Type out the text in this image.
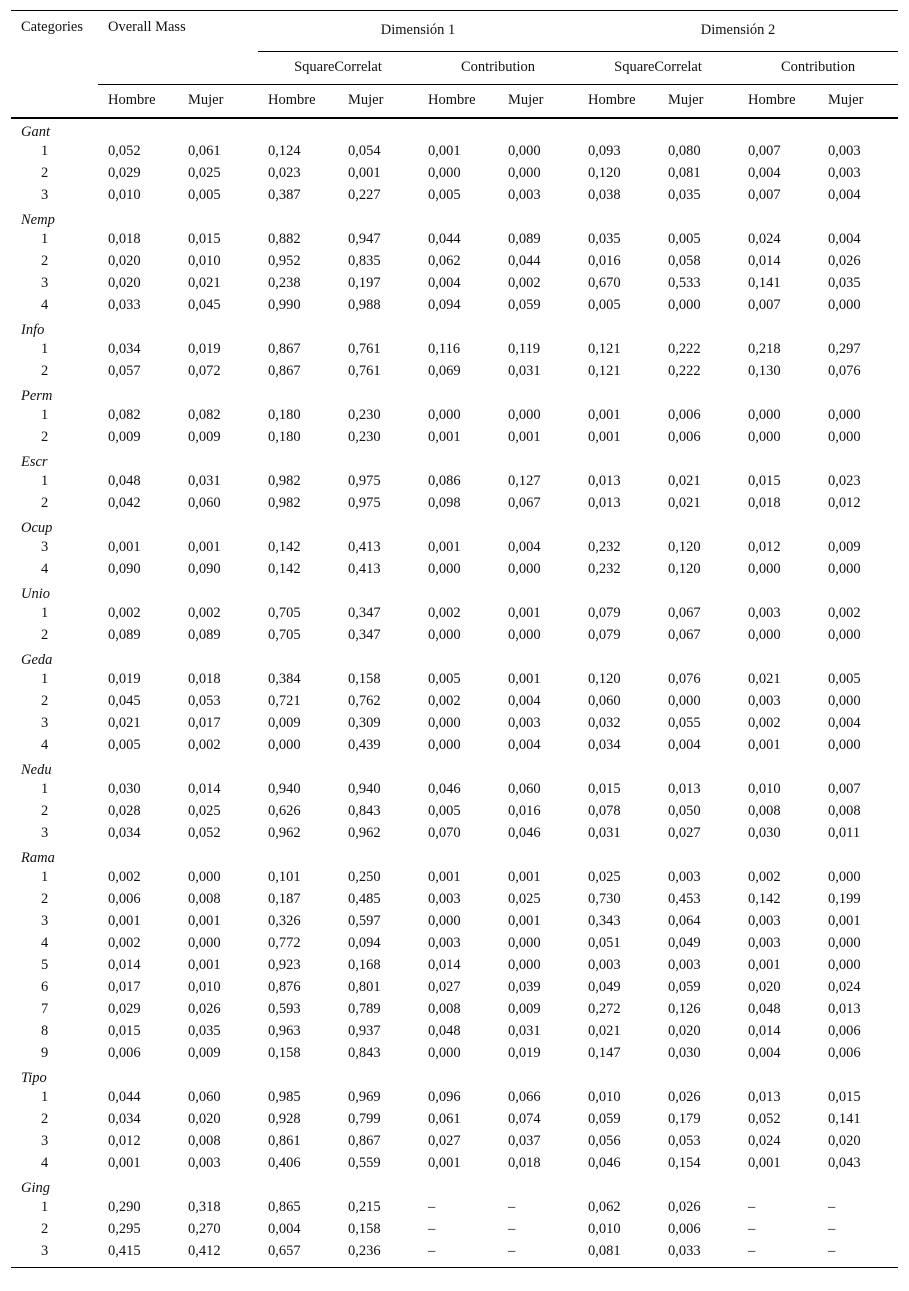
Categories	Overall Mass		Dimensión 1				Dimensión 2			
			SquareCorrelat		Contribution		SquareCorrelat		Contribution	
	Hombre	Mujer	Hombre	Mujer	Hombre	Mujer	Hombre	Mujer	Hombre	Mujer
Gant										
1	0,052	0,061	0,124	0,054	0,001	0,000	0,093	0,080	0,007	0,003
2	0,029	0,025	0,023	0,001	0,000	0,000	0,120	0,081	0,004	0,003
3	0,010	0,005	0,387	0,227	0,005	0,003	0,038	0,035	0,007	0,004
Nemp										
1	0,018	0,015	0,882	0,947	0,044	0,089	0,035	0,005	0,024	0,004
2	0,020	0,010	0,952	0,835	0,062	0,044	0,016	0,058	0,014	0,026
3	0,020	0,021	0,238	0,197	0,004	0,002	0,670	0,533	0,141	0,035
4	0,033	0,045	0,990	0,988	0,094	0,059	0,005	0,000	0,007	0,000
Info										
1	0,034	0,019	0,867	0,761	0,116	0,119	0,121	0,222	0,218	0,297
2	0,057	0,072	0,867	0,761	0,069	0,031	0,121	0,222	0,130	0,076
Perm										
1	0,082	0,082	0,180	0,230	0,000	0,000	0,001	0,006	0,000	0,000
2	0,009	0,009	0,180	0,230	0,001	0,001	0,001	0,006	0,000	0,000
Escr										
1	0,048	0,031	0,982	0,975	0,086	0,127	0,013	0,021	0,015	0,023
2	0,042	0,060	0,982	0,975	0,098	0,067	0,013	0,021	0,018	0,012
Ocup										
3	0,001	0,001	0,142	0,413	0,001	0,004	0,232	0,120	0,012	0,009
4	0,090	0,090	0,142	0,413	0,000	0,000	0,232	0,120	0,000	0,000
Unio										
1	0,002	0,002	0,705	0,347	0,002	0,001	0,079	0,067	0,003	0,002
2	0,089	0,089	0,705	0,347	0,000	0,000	0,079	0,067	0,000	0,000
Geda										
1	0,019	0,018	0,384	0,158	0,005	0,001	0,120	0,076	0,021	0,005
2	0,045	0,053	0,721	0,762	0,002	0,004	0,060	0,000	0,003	0,000
3	0,021	0,017	0,009	0,309	0,000	0,003	0,032	0,055	0,002	0,004
4	0,005	0,002	0,000	0,439	0,000	0,004	0,034	0,004	0,001	0,000
Nedu										
1	0,030	0,014	0,940	0,940	0,046	0,060	0,015	0,013	0,010	0,007
2	0,028	0,025	0,626	0,843	0,005	0,016	0,078	0,050	0,008	0,008
3	0,034	0,052	0,962	0,962	0,070	0,046	0,031	0,027	0,030	0,011
Rama										
1	0,002	0,000	0,101	0,250	0,001	0,001	0,025	0,003	0,002	0,000
2	0,006	0,008	0,187	0,485	0,003	0,025	0,730	0,453	0,142	0,199
3	0,001	0,001	0,326	0,597	0,000	0,001	0,343	0,064	0,003	0,001
4	0,002	0,000	0,772	0,094	0,003	0,000	0,051	0,049	0,003	0,000
5	0,014	0,001	0,923	0,168	0,014	0,000	0,003	0,003	0,001	0,000
6	0,017	0,010	0,876	0,801	0,027	0,039	0,049	0,059	0,020	0,024
7	0,029	0,026	0,593	0,789	0,008	0,009	0,272	0,126	0,048	0,013
8	0,015	0,035	0,963	0,937	0,048	0,031	0,021	0,020	0,014	0,006
9	0,006	0,009	0,158	0,843	0,000	0,019	0,147	0,030	0,004	0,006
Tipo										
1	0,044	0,060	0,985	0,969	0,096	0,066	0,010	0,026	0,013	0,015
2	0,034	0,020	0,928	0,799	0,061	0,074	0,059	0,179	0,052	0,141
3	0,012	0,008	0,861	0,867	0,027	0,037	0,056	0,053	0,024	0,020
4	0,001	0,003	0,406	0,559	0,001	0,018	0,046	0,154	0,001	0,043
Ging										
1	0,290	0,318	0,865	0,215	–	–	0,062	0,026	–	–
2	0,295	0,270	0,004	0,158	–	–	0,010	0,006	–	–
3	0,415	0,412	0,657	0,236	–	–	0,081	0,033	–	–
